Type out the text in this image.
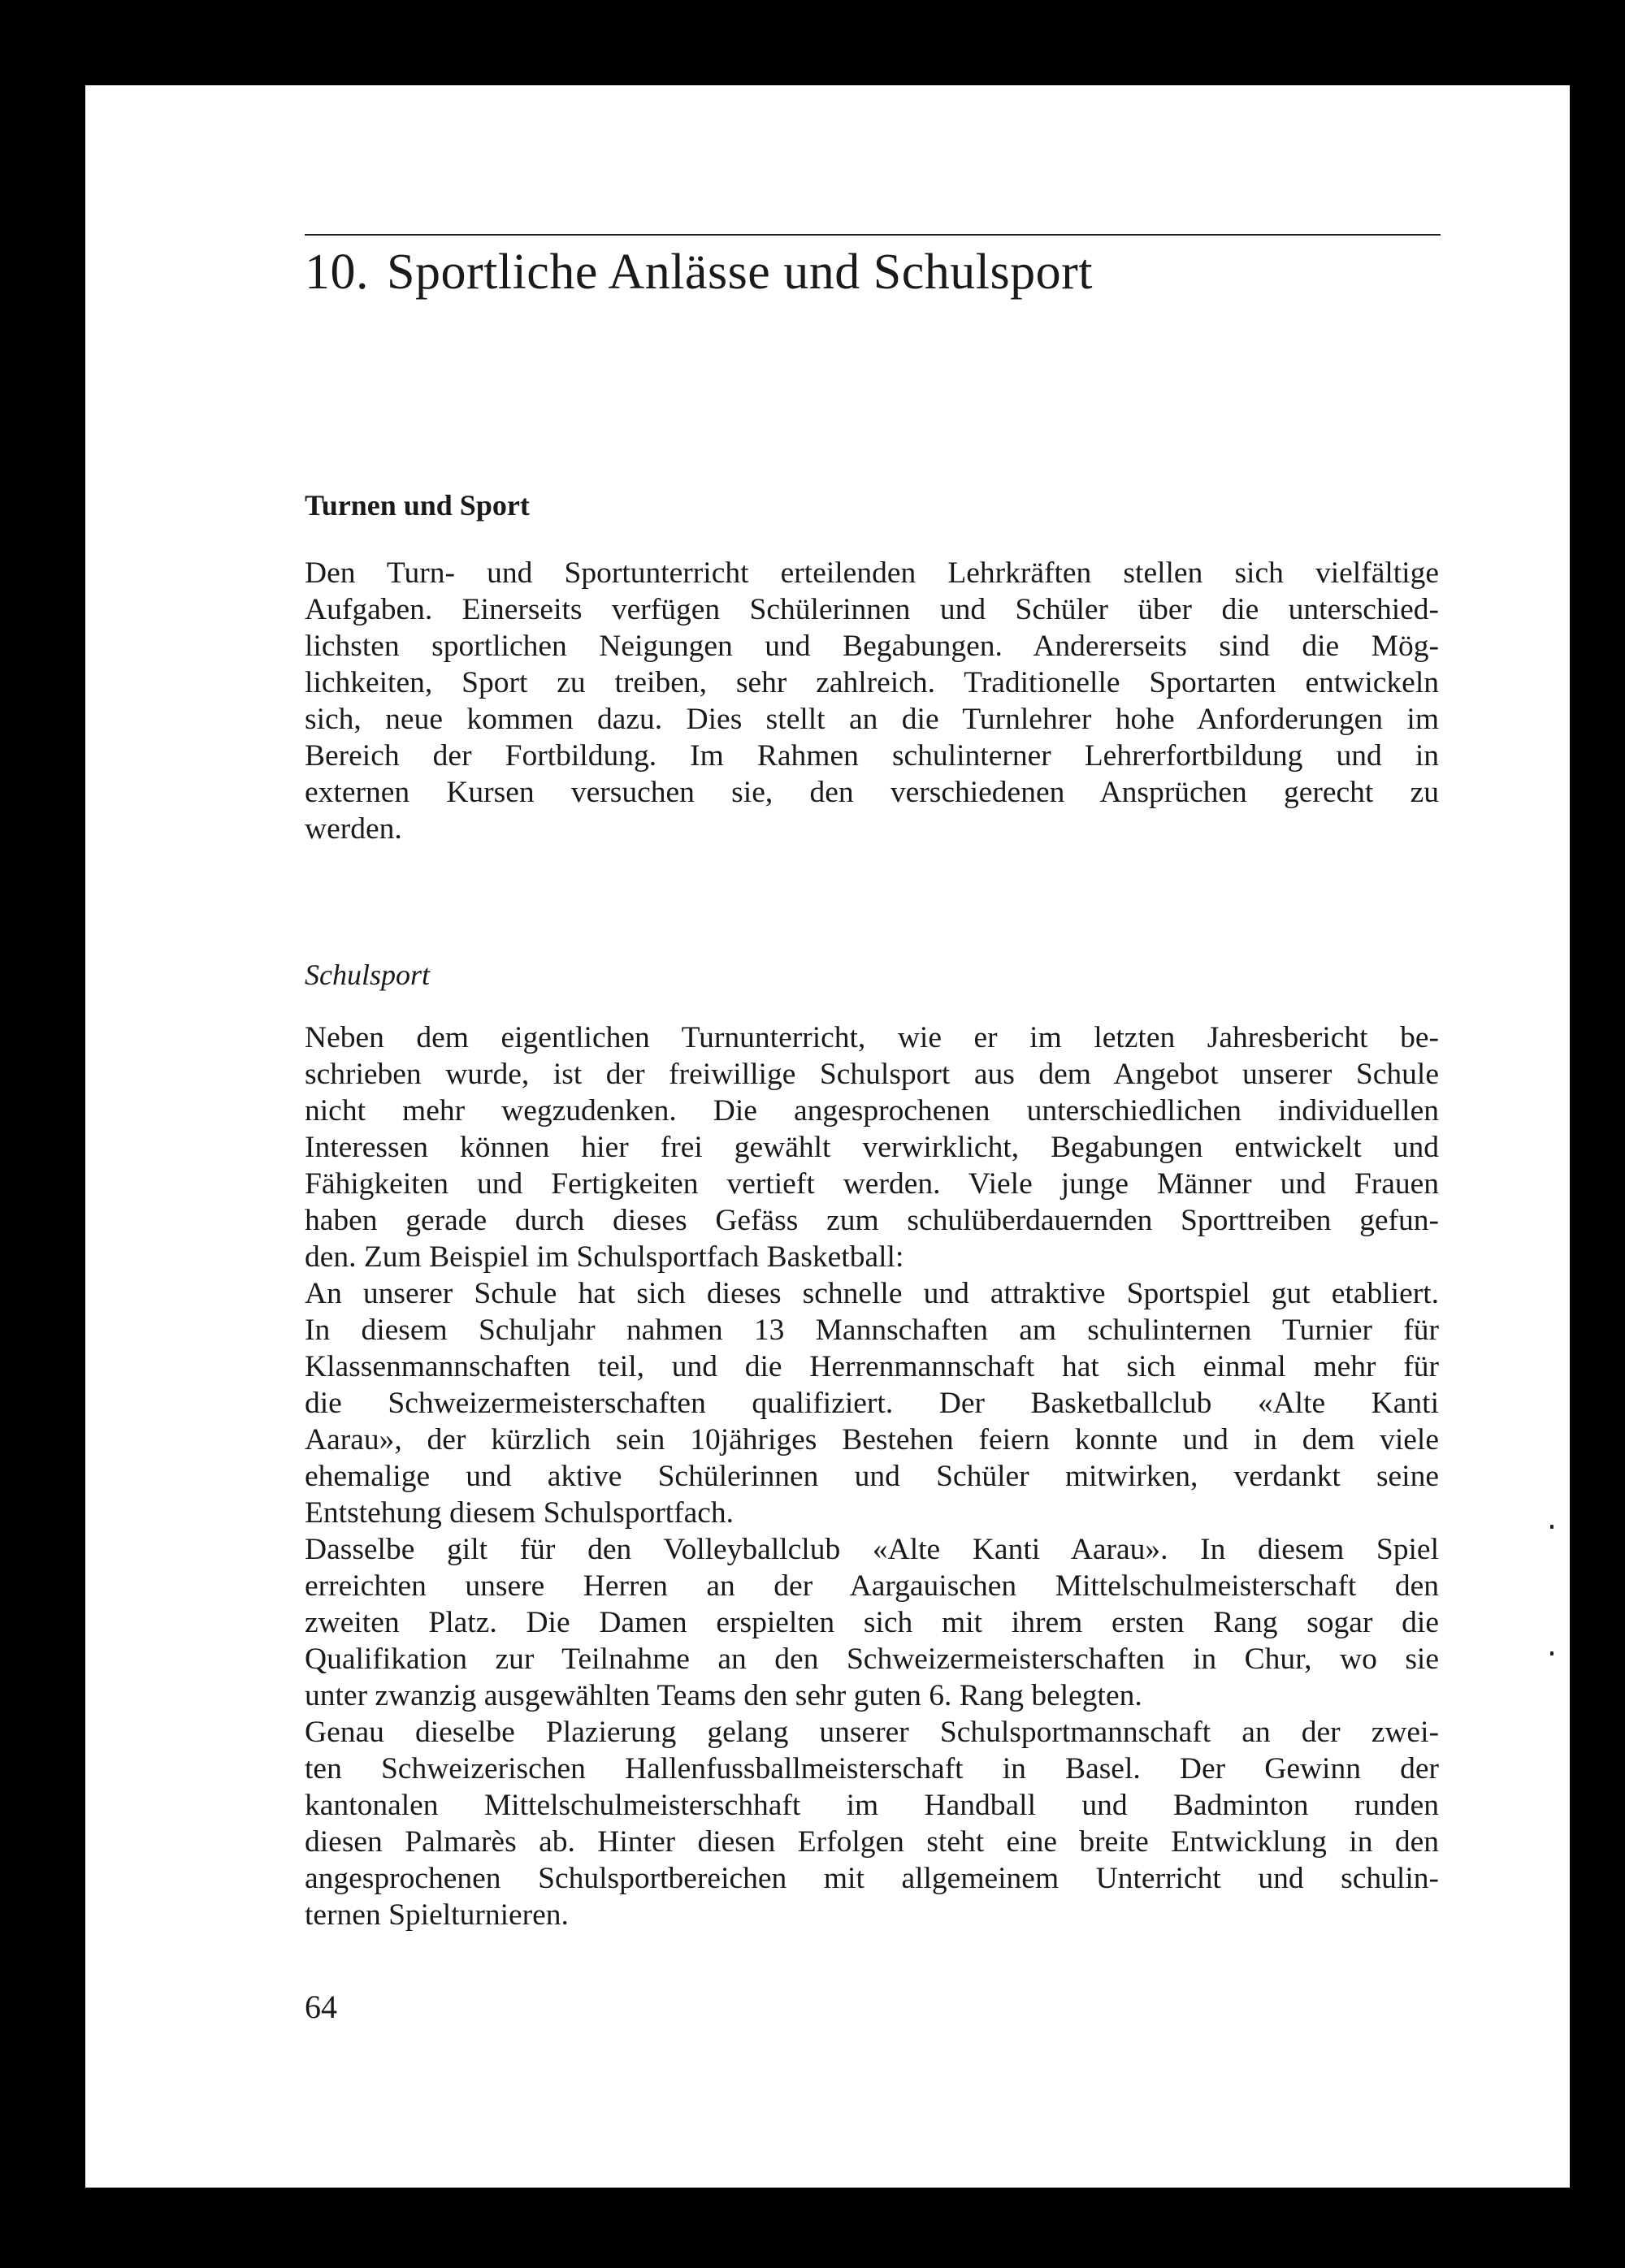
10. Sportliche Anlässe und Schulsport
Turnen und Sport
Den Turn- und Sportunterricht erteilenden Lehrkräften stellen sich vielfältige
Aufgaben. Einerseits verfügen Schülerinnen und Schüler über die unterschied-
lichsten sportlichen Neigungen und Begabungen. Andererseits sind die Mög-
lichkeiten, Sport zu treiben, sehr zahlreich. Traditionelle Sportarten entwickeln
sich, neue kommen dazu. Dies stellt an die Turnlehrer hohe Anforderungen im
Bereich der Fortbildung. Im Rahmen schulinterner Lehrerfortbildung und in
externen Kursen versuchen sie, den verschiedenen Ansprüchen gerecht zu
werden.
Schulsport
Neben dem eigentlichen Turnunterricht, wie er im letzten Jahresbericht be-
schrieben wurde, ist der freiwillige Schulsport aus dem Angebot unserer Schule
nicht mehr wegzudenken. Die angesprochenen unterschiedlichen individuellen
Interessen können hier frei gewählt verwirklicht, Begabungen entwickelt und
Fähigkeiten und Fertigkeiten vertieft werden. Viele junge Männer und Frauen
haben gerade durch dieses Gefäss zum schulüberdauernden Sporttreiben gefun-
den. Zum Beispiel im Schulsportfach Basketball:
An unserer Schule hat sich dieses schnelle und attraktive Sportspiel gut etabliert.
In diesem Schuljahr nahmen 13 Mannschaften am schulinternen Turnier für
Klassenmannschaften teil, und die Herrenmannschaft hat sich einmal mehr für
die Schweizermeisterschaften qualifiziert. Der Basketballclub «Alte Kanti
Aarau», der kürzlich sein 10jähriges Bestehen feiern konnte und in dem viele
ehemalige und aktive Schülerinnen und Schüler mitwirken, verdankt seine
Entstehung diesem Schulsportfach.
Dasselbe gilt für den Volleyballclub «Alte Kanti Aarau». In diesem Spiel
erreichten unsere Herren an der Aargauischen Mittelschulmeisterschaft den
zweiten Platz. Die Damen erspielten sich mit ihrem ersten Rang sogar die
Qualifikation zur Teilnahme an den Schweizermeisterschaften in Chur, wo sie
unter zwanzig ausgewählten Teams den sehr guten 6. Rang belegten.
Genau dieselbe Plazierung gelang unserer Schulsportmannschaft an der zwei-
ten Schweizerischen Hallenfussballmeisterschaft in Basel. Der Gewinn der
kantonalen Mittelschulmeisterschhaft im Handball und Badminton runden
diesen Palmarès ab. Hinter diesen Erfolgen steht eine breite Entwicklung in den
angesprochenen Schulsportbereichen mit allgemeinem Unterricht und schulin-
ternen Spielturnieren.
64
